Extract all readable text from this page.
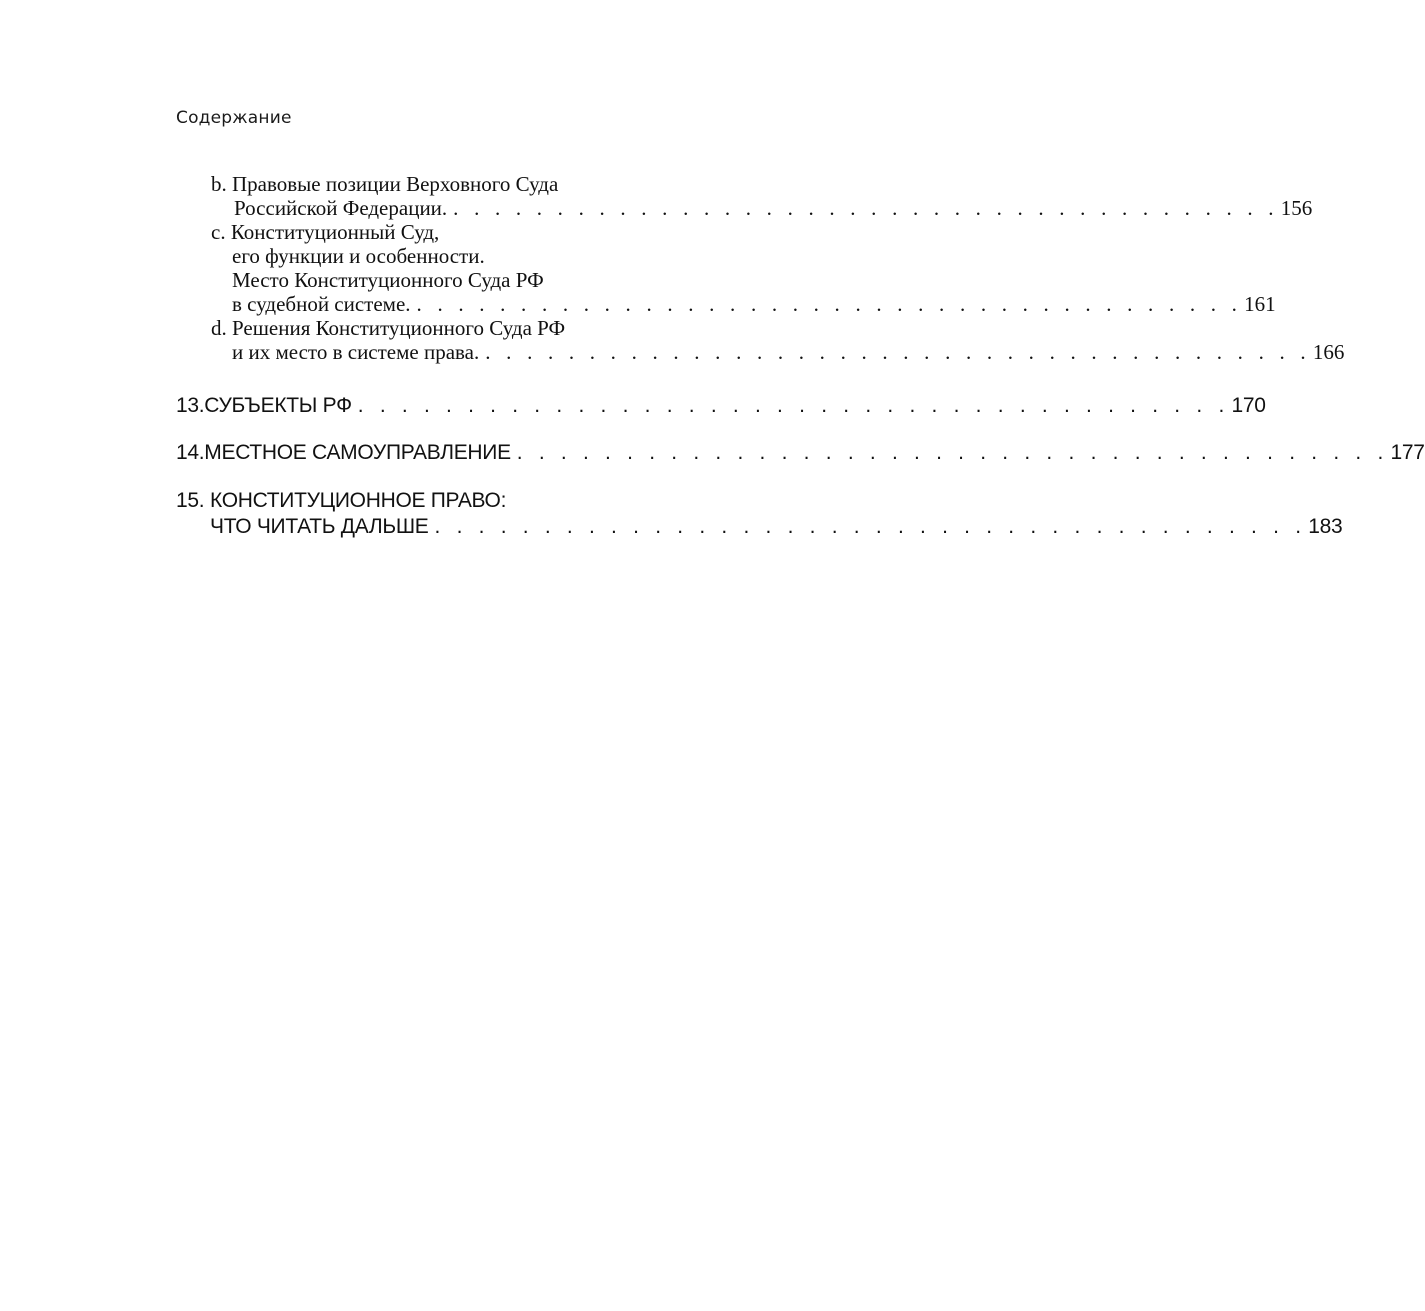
Содержание
b.
Правовые позиции Верховного Суда
Российской Федерации. . . . . . . . . . . . . . . . . . . . . . . . . . . . . . . . . . . . . . . . . 156
c.
Конституционный Суд,
его функции и особенности.
Место Конституционного Суда РФ
в судебной системе. . . . . . . . . . . . . . . . . . . . . . . . . . . . . . . . . . . . . . . . . 161
d.
Решения Конституционного Суда РФ
и их место в системе права. . . . . . . . . . . . . . . . . . . . . . . . . . . . . . . . . . . . . . . . . 166
13. СУБЪЕКТЫ РФ . . . . . . . . . . . . . . . . . . . . . . . . . . . . . . . . . . . . . . . . 170
14. МЕСТНОЕ САМОУПРАВЛЕНИЕ . . . . . . . . . . . . . . . . . . . . . . . . . . . . . . . . . . . . . . . . 177
15. КОНСТИТУЦИОННОЕ ПРАВО:
ЧТО ЧИТАТЬ ДАЛЬШЕ . . . . . . . . . . . . . . . . . . . . . . . . . . . . . . . . . . . . . . . . 183
